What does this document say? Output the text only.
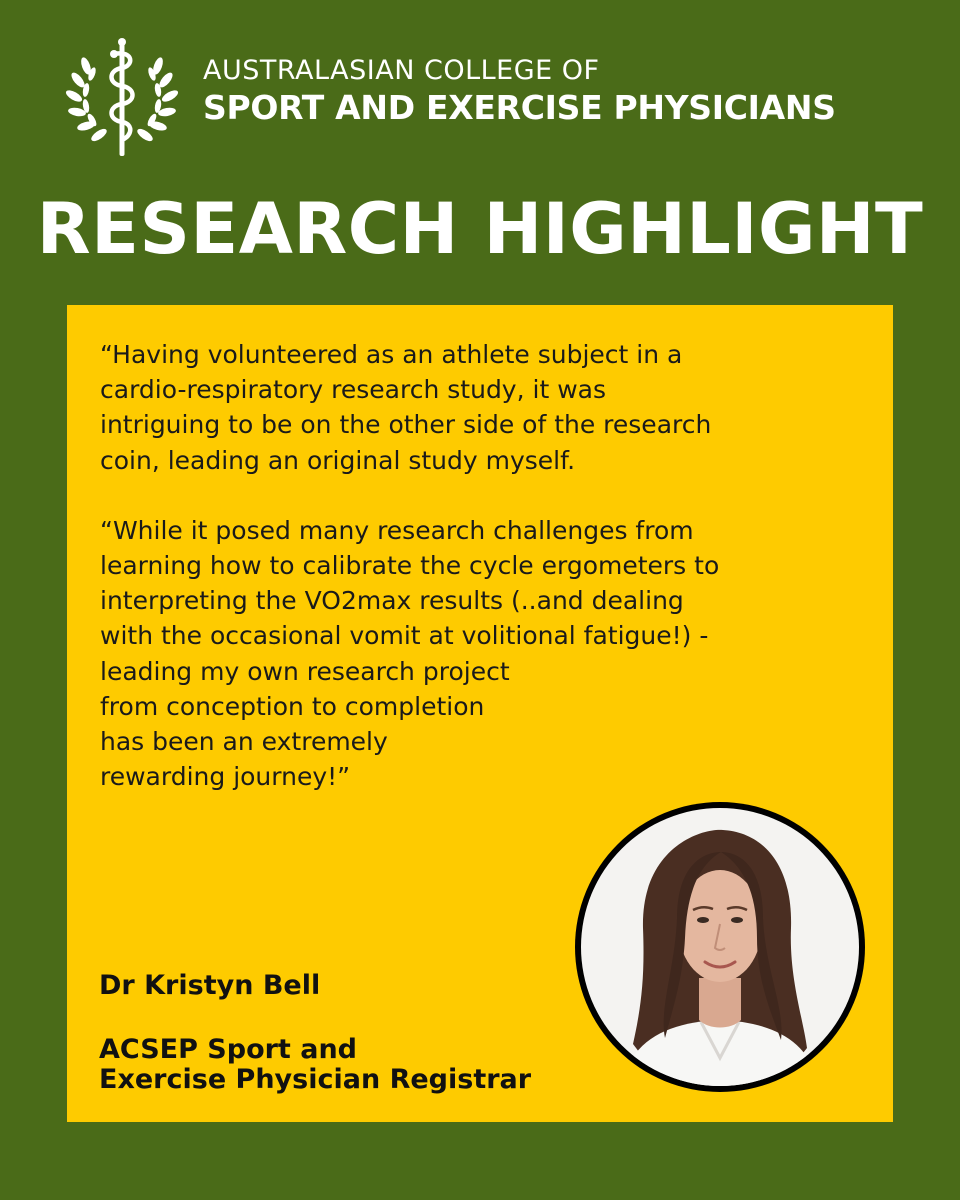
AUSTRALASIAN COLLEGE OF
SPORT AND EXERCISE PHYSICIANS
RESEARCH HIGHLIGHT

“Having volunteered as an athlete subject in a
cardio-respiratory research study, it was
intriguing to be on the other side of the research
coin, leading an original study myself.

“While it posed many research challenges from
learning how to calibrate the cycle ergometers to
interpreting the VO2max results (..and dealing
with the occasional vomit at volitional fatigue!) -
leading my own research project
from conception to completion
has been an extremely
rewarding journey!”

Dr Kristyn Bell
ACSEP Sport and
Exercise Physician Registrar
